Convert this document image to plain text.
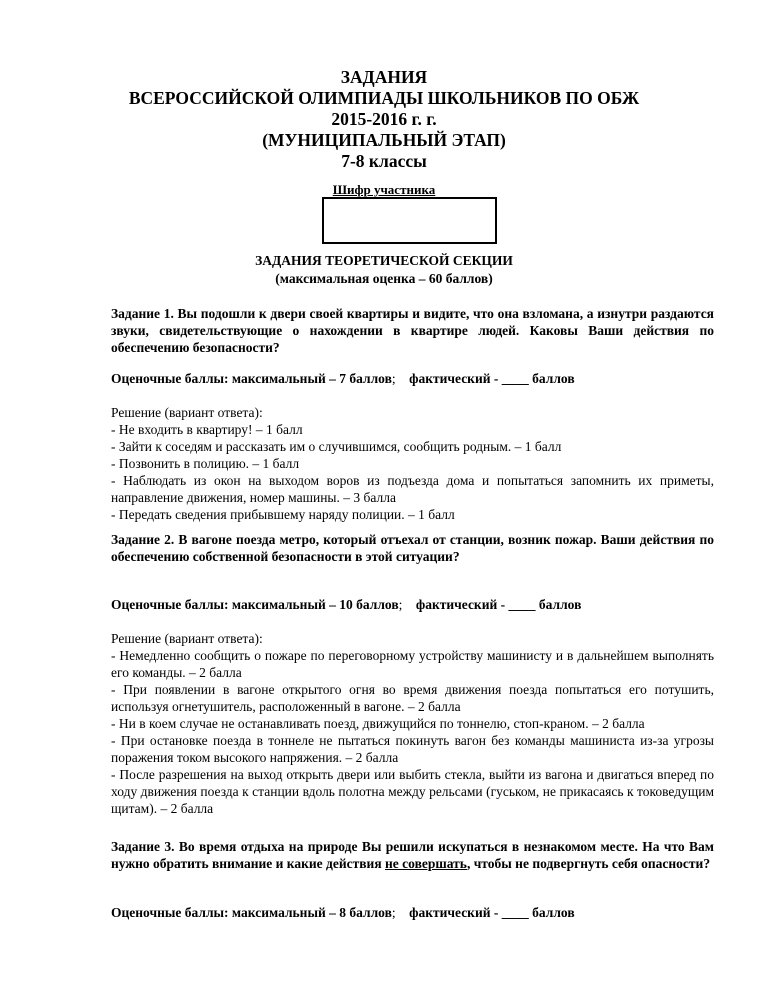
ЗАДАНИЯ
ВСЕРОССИЙСКОЙ ОЛИМПИАДЫ ШКОЛЬНИКОВ ПО ОБЖ
2015-2016 г. г.
(МУНИЦИПАЛЬНЫЙ ЭТАП)
7-8 классы
Шифр участника
ЗАДАНИЯ ТЕОРЕТИЧЕСКОЙ СЕКЦИИ
(максимальная оценка – 60 баллов)
Задание 1. Вы подошли к двери своей квартиры и видите, что она взломана, а изнутри раздаются звуки, свидетельствующие о нахождении в квартире людей. Каковы Ваши действия по обеспечению безопасности?
Оценочные баллы: максимальный – 7 баллов; фактический - ____ баллов
Решение (вариант ответа):
- Не входить в квартиру! – 1 балл
- Зайти к соседям и рассказать им о случившимся, сообщить родным. – 1 балл
- Позвонить в полицию. – 1 балл
- Наблюдать из окон на выходом воров из подъезда дома и попытаться запомнить их приметы, направление движения, номер машины. – 3 балла
- Передать сведения прибывшему наряду полиции. – 1 балл
Задание 2. В вагоне поезда метро, который отъехал от станции, возник пожар. Ваши действия по обеспечению собственной безопасности в этой ситуации?
Оценочные баллы: максимальный – 10 баллов; фактический - ____ баллов
Решение (вариант ответа):
- Немедленно сообщить о пожаре по переговорному устройству машинисту и в дальнейшем выполнять его команды. – 2 балла
- При появлении в вагоне открытого огня во время движения поезда попытаться его потушить, используя огнетушитель, расположенный в вагоне. – 2 балла
- Ни в коем случае не останавливать поезд, движущийся по тоннелю, стоп-краном. – 2 балла
- При остановке поезда в тоннеле не пытаться покинуть вагон без команды машиниста из-за угрозы поражения током высокого напряжения. – 2 балла
- После разрешения на выход открыть двери или выбить стекла, выйти из вагона и двигаться вперед по ходу движения поезда к станции вдоль полотна между рельсами (гуськом, не прикасаясь к токоведущим щитам). – 2 балла
Задание 3. Во время отдыха на природе Вы решили искупаться в незнакомом месте. На что Вам нужно обратить внимание и какие действия не совершать, чтобы не подвергнуть себя опасности?
Оценочные баллы: максимальный – 8 баллов; фактический - ____ баллов
